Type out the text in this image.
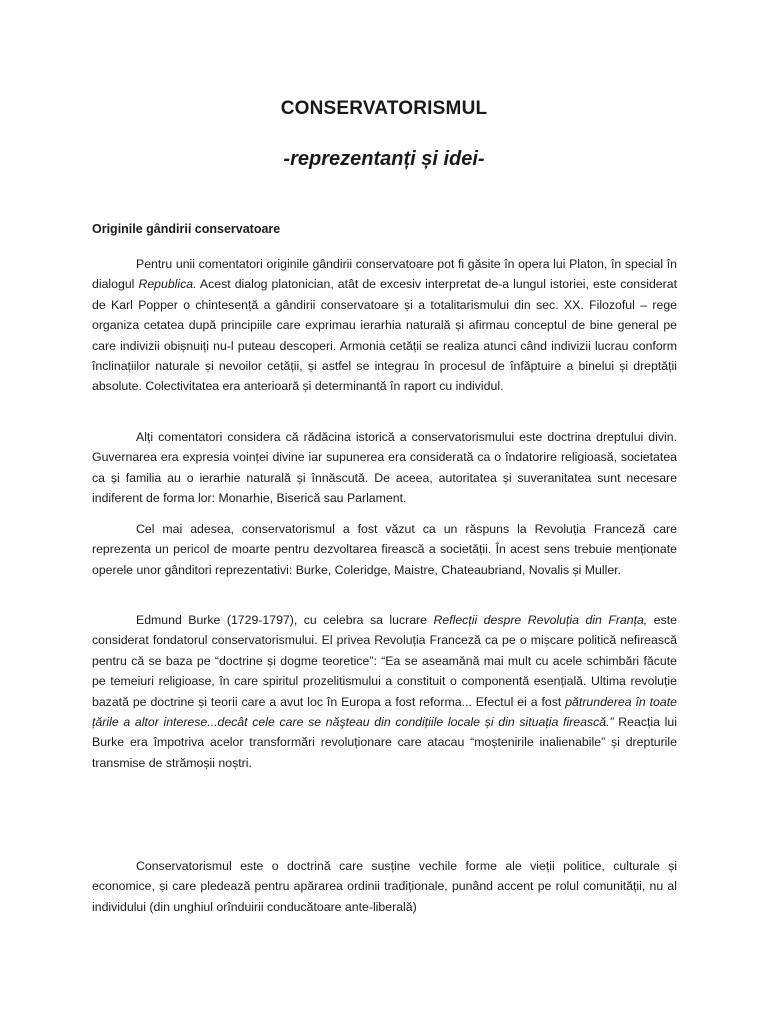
CONSERVATORISMUL
-reprezentanți și idei-
Originile gândirii conservatoare

Pentru unii comentatori originile gândirii conservatoare pot fi găsite în opera lui Platon, în special în dialogul Republica. Acest dialog platonician, atât de excesiv interpretat de-a lungul istoriei, este considerat de Karl Popper o chintesență a gândirii conservatoare și a totalitarismului din sec. XX. Filozoful – rege organiza cetatea după principiile care exprimau ierarhia naturală și afirmau conceptul de bine general pe care indivizii obișnuiți nu-l puteau descoperi. Armonia cetății se realiza atunci când indivizii lucrau conform înclinațiilor naturale și nevoilor cetății, și astfel se integrau în procesul de înfăptuire a binelui și dreptății absolute. Colectivitatea era anterioară și determinantă în raport cu individul.

Alți comentatori considera că rădăcina istorică a conservatorismului este doctrina dreptului divin. Guvernarea era expresia voinței divine iar supunerea era considerată ca o îndatorire religioasă, societatea ca și familia au o ierarhie naturală și înnăscută. De aceea, autoritatea și suveranitatea sunt necesare indiferent de forma lor: Monarhie, Biserică sau Parlament.

Cel mai adesea, conservatorismul a fost văzut ca un răspuns la Revoluția Franceză care reprezenta un pericol de moarte pentru dezvoltarea firească a societății. În acest sens trebuie menționate operele unor gânditori reprezentativi: Burke, Coleridge, Maistre, Chateaubriand, Novalis și Muller.

Edmund Burke (1729-1797), cu celebra sa lucrare Reflecții despre Revoluția din Franța, este considerat fondatorul conservatorismului. El privea Revoluția Franceză ca pe o mișcare politică nefirească pentru că se baza pe “doctrine și dogme teoretice”: “Ea se aseamănă mai mult cu acele schimbări făcute pe temeiuri religioase, în care spiritul prozelitismului a constituit o componentă esențială. Ultima revoluție bazată pe doctrine și teorii care a avut loc în Europa a fost reforma... Efectul ei a fost pătrunderea în toate țările a altor interese...decât cele care se năşteau din condițiile locale și din situația firească.” Reacția lui Burke era împotriva acelor transformări revoluționare care atacau “moștenirile inalienabile” și drepturile transmise de strămoșii noștri.

Conservatorismul este o doctrină care susține vechile forme ale vieții politice, culturale și economice, și care pledează pentru apărarea ordinii tradiționale, punând accent pe rolul comunității, nu al individului (din unghiul orînduirii conducătoare ante-liberală)
